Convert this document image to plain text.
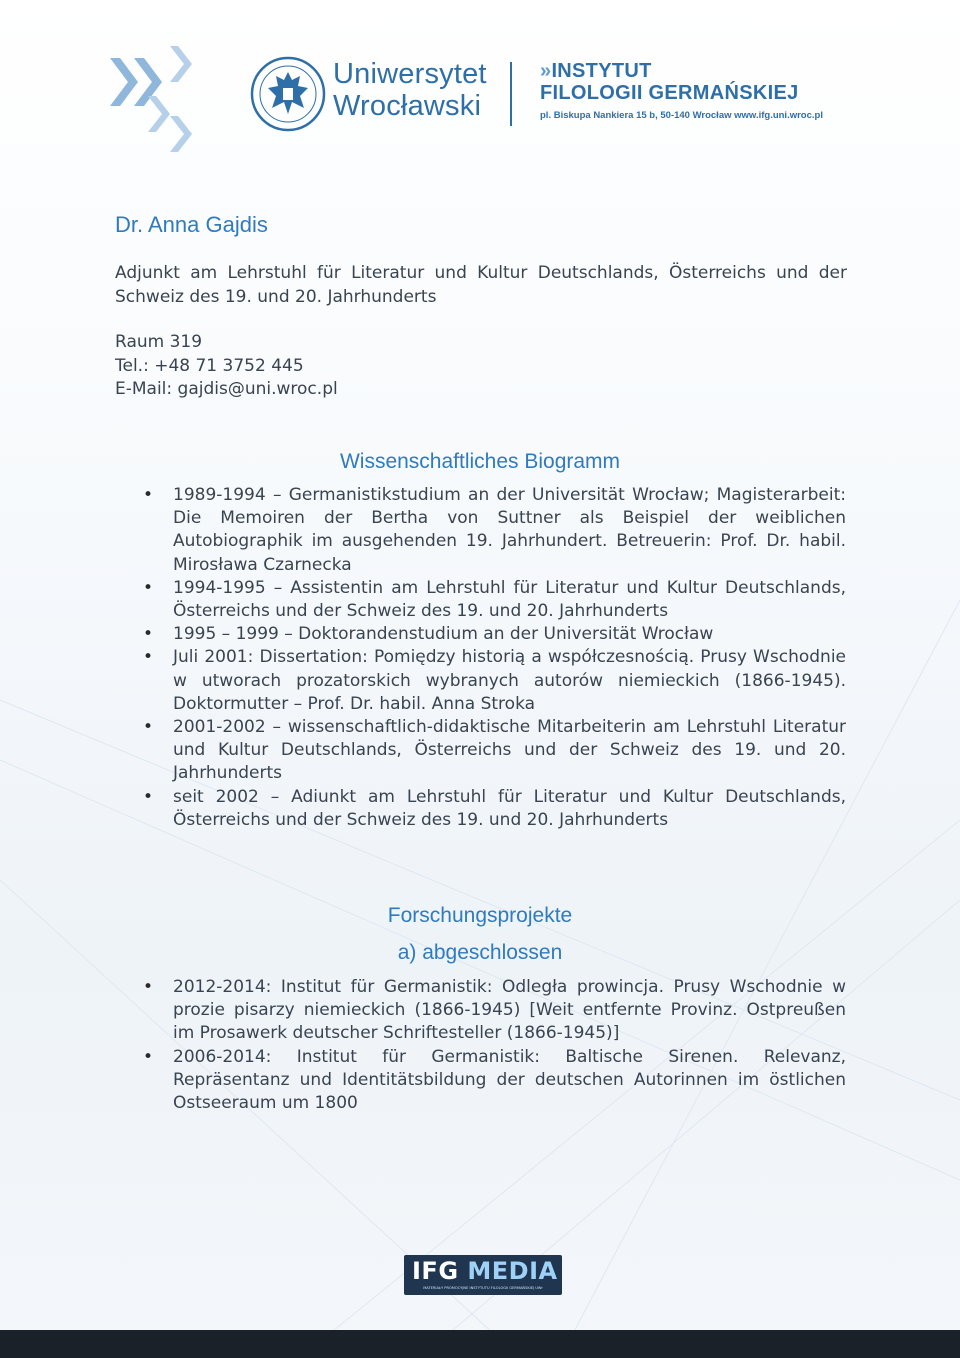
Uniwersytet
Wrocławski
»INSTYTUT
FILOLOGII GERMAŃSKIEJ
pl. Biskupa Nankiera 15 b, 50-140 Wrocław www.ifg.uni.wroc.pl
Dr. Anna Gajdis
Adjunkt am Lehrstuhl für Literatur und Kultur Deutschlands, Österreichs und der Schweiz des 19. und 20. Jahrhunderts
Raum 319
Tel.: +48 71 3752 445
E-Mail: gajdis@uni.wroc.pl
Wissenschaftliches Biogramm
• 1989-1994 – Germanistikstudium an der Universität Wrocław; Magisterarbeit: Die Memoiren der Bertha von Suttner als Beispiel der weiblichen Autobiographik im ausgehenden 19. Jahrhundert. Betreuerin: Prof. Dr. habil. Mirosława Czarnecka
• 1994-1995 – Assistentin am Lehrstuhl für Literatur und Kultur Deutschlands, Österreichs und der Schweiz des 19. und 20. Jahrhunderts
• 1995 – 1999 – Doktorandenstudium an der Universität Wrocław
• Juli 2001: Dissertation: Pomiędzy historią a współczesnością. Prusy Wschodnie w utworach prozatorskich wybranych autorów niemieckich (1866-1945). Doktormutter – Prof. Dr. habil. Anna Stroka
• 2001-2002 – wissenschaftlich-didaktische Mitarbeiterin am Lehrstuhl Literatur und Kultur Deutschlands, Österreichs und der Schweiz des 19. und 20. Jahrhunderts
• seit 2002 – Adiunkt am Lehrstuhl für Literatur und Kultur Deutschlands, Österreichs und der Schweiz des 19. und 20. Jahrhunderts
Forschungsprojekte
a) abgeschlossen
• 2012-2014: Institut für Germanistik: Odległa prowincja. Prusy Wschodnie w prozie pisarzy niemieckich (1866-1945) [Weit entfernte Provinz. Ostpreußen im Prosawerk deutscher Schriftesteller (1866-1945)]
• 2006-2014: Institut für Germanistik: Baltische Sirenen. Relevanz, Repräsentanz und Identitätsbildung der deutschen Autorinnen im östlichen Ostseeraum um 1800
IFG MEDIA
MATERIAŁY PROMOCYJNE INSTYTUTU FILOLOGII GERMAŃSKIEJ UWr
